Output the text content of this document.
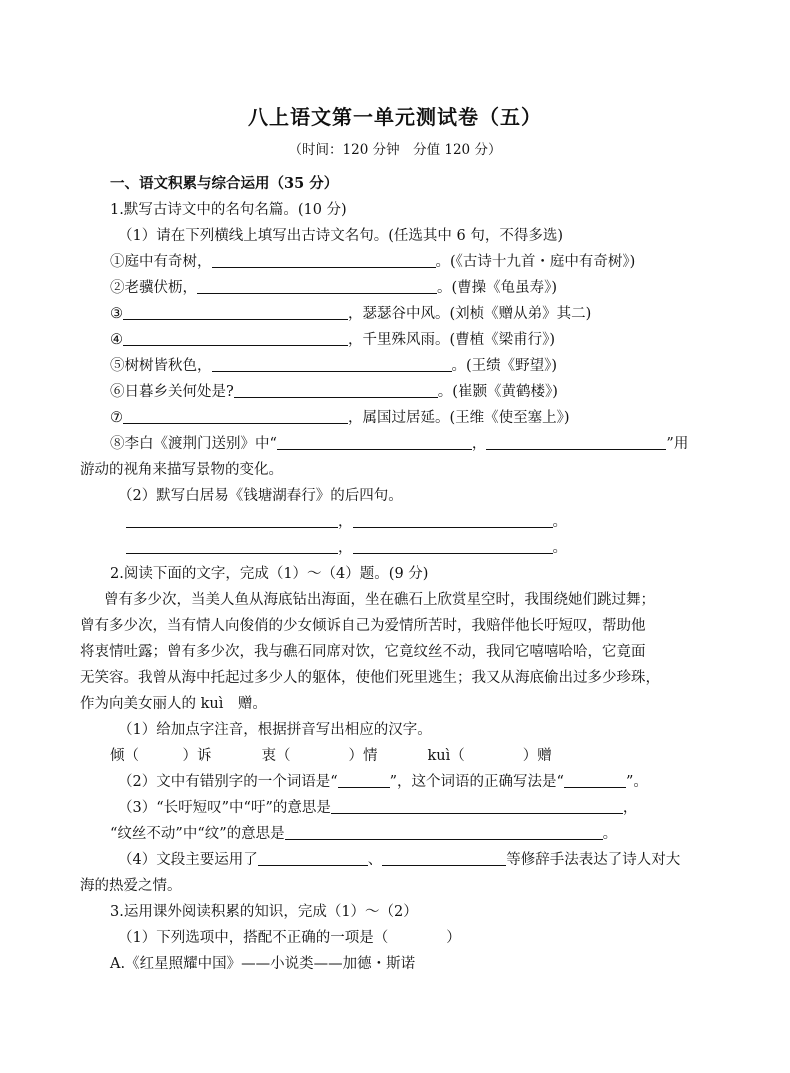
八上语文第一单元测试卷（五）
（时间：120 分钟　分值 120 分）
一、语文积累与综合运用（35 分）
1.默写古诗文中的名句名篇。(10 分)
（1）请在下列横线上填写出古诗文名句。(任选其中 6 句，不得多选)
①庭中有奇树，	。(《古诗十九首・庭中有奇树》)
②老骥伏枥，	。(曹操《龟虽寿》)
③	，瑟瑟谷中风。(刘桢《赠从弟》其二)
④	，千里殊风雨。(曹植《梁甫行》)
⑤树树皆秋色，	。(王绩《野望》)
⑥日暮乡关何处是?	。(崔颢《黄鹤楼》)
⑦	，属国过居延。(王维《使至塞上》)
⑧李白《渡荆门送别》中“	，	”用
游动的视角来描写景物的变化。
（2）默写白居易《钱塘湖春行》的后四句。
，	。
，	。
2.阅读下面的文字，完成（1）～（4）题。(9 分)
曾有多少次，当美人鱼从海底钻出海面，坐在礁石上欣赏星空时，我围绕她们跳过舞；
曾有多少次，当有情人向俊俏的少女倾诉自己为爱情所苦时，我赔伴他长吁短叹，帮助他
将衷情吐露；曾有多少次，我与礁石同席对饮，它竟纹丝不动，我同它嘻嘻哈哈，它竟面
无笑容。我曾从海中托起过多少人的躯体，使他们死里逃生；我又从海底偷出过多少珍珠，
作为向美女丽人的 kuì　赠。
（1）给加点字注音，根据拼音写出相应的汉字。
倾（　　　）诉	衷（　　　　）情	kuì（　　　　）赠
（2）文中有错别字的一个词语是“	”，这个词语的正确写法是“	”。
（3）“长吁短叹”中“吁”的意思是	，
“纹丝不动”中“纹”的意思是	。
（4）文段主要运用了	、	等修辞手法表达了诗人对大
海的热爱之情。
3.运用课外阅读积累的知识，完成（1）～（2）
（1）下列选项中，搭配不正确的一项是（　　　　）
A.《红星照耀中国》——小说类——加德・斯诺
